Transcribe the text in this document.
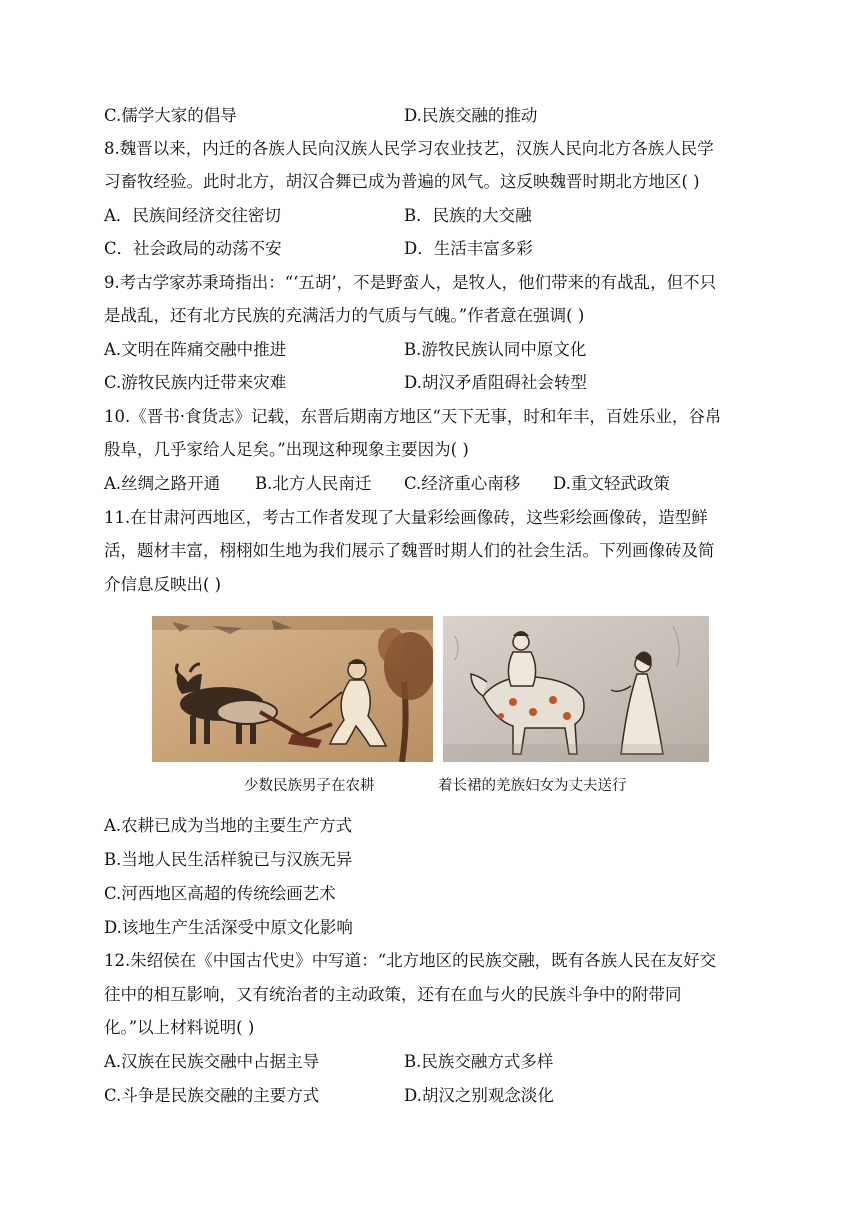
C.儒学大家的倡导	D.民族交融的推动
8.魏晋以来，内迁的各族人民向汉族人民学习农业技艺，汉族人民向北方各族人民学
习畜牧经验。此时北方，胡汉合舞已成为普遍的风气。这反映魏晋时期北方地区( )
A．民族间经济交往密切	B．民族的大交融
C．社会政局的动荡不安	D．生活丰富多彩
9.考古学家苏秉琦指出：“‘五胡’，不是野蛮人，是牧人，他们带来的有战乱，但不只
是战乱，还有北方民族的充满活力的气质与气魄。”作者意在强调( )
A.文明在阵痛交融中推进	B.游牧民族认同中原文化
C.游牧民族内迁带来灾难	D.胡汉矛盾阻碍社会转型
10.《晋书·食货志》记载，东晋后期南方地区“天下无事，时和年丰，百姓乐业，谷帛
殷阜，几乎家给人足矣。”出现这种现象主要因为( )
A.丝绸之路开通 B.北方人民南迁 C.经济重心南移 D.重文轻武政策
11.在甘肃河西地区，考古工作者发现了大量彩绘画像砖，这些彩绘画像砖，造型鲜
活，题材丰富，栩栩如生地为我们展示了魏晋时期人们的社会生活。下列画像砖及简
介信息反映出( )
少数民族男子在农耕	着长裙的羌族妇女为丈夫送行
A.农耕已成为当地的主要生产方式
B.当地人民生活样貌已与汉族无异
C.河西地区高超的传统绘画艺术
D.该地生产生活深受中原文化影响
12.朱绍侯在《中国古代史》中写道：“北方地区的民族交融，既有各族人民在友好交
往中的相互影响，又有统治者的主动政策，还有在血与火的民族斗争中的附带同
化。”以上材料说明( )
A.汉族在民族交融中占据主导	B.民族交融方式多样
C.斗争是民族交融的主要方式	D.胡汉之别观念淡化
